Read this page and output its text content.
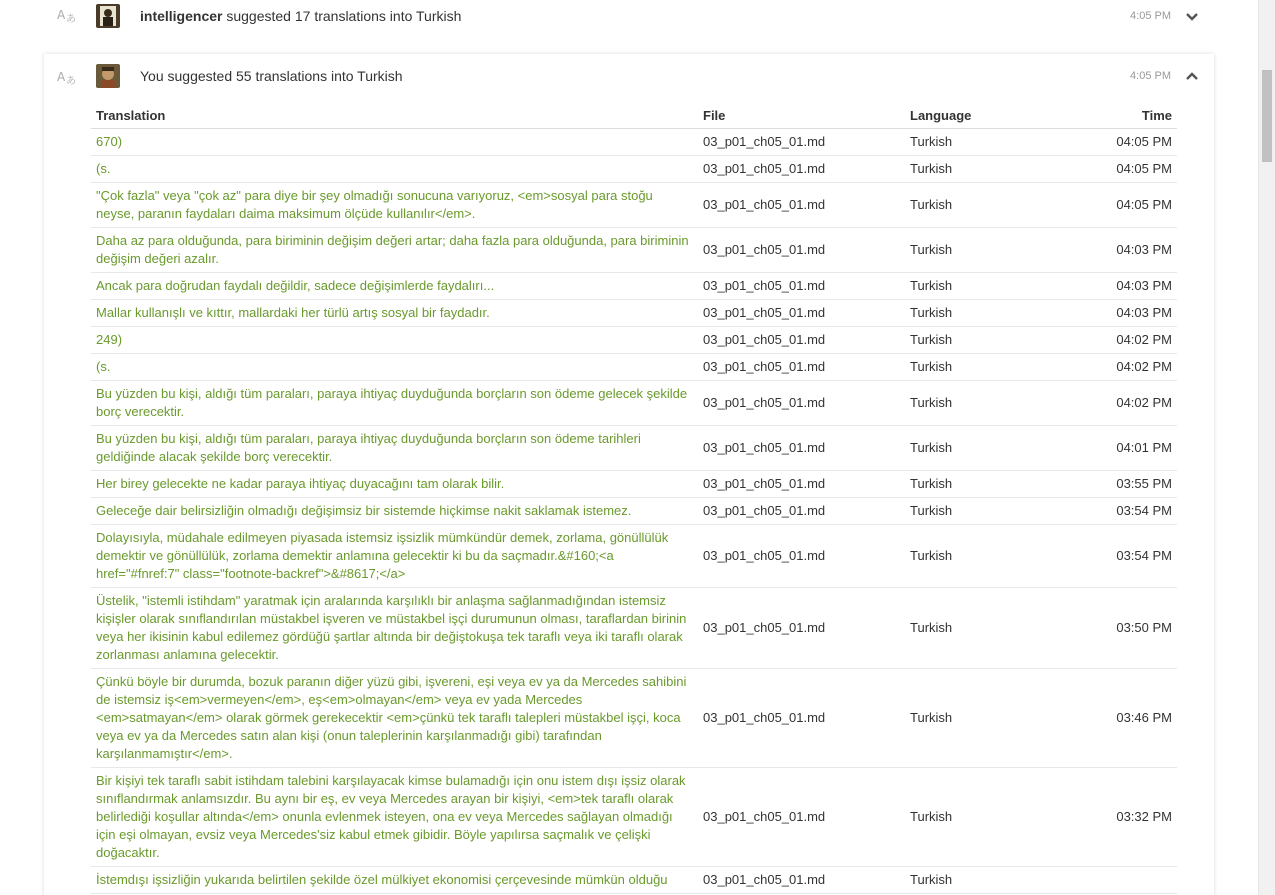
A あ	intelligencer suggested 17 translations into Turkish	4:05 PM
A あ	You suggested 55 translations into Turkish	4:05 PM
Translation	File	Language	Time
670)	03_p01_ch05_01.md	Turkish	04:05 PM
(s.	03_p01_ch05_01.md	Turkish	04:05 PM
"Çok fazla" veya "çok az" para diye bir şey olmadığı sonucuna varıyoruz, <em>sosyal para stoğu neyse, paranın faydaları daima maksimum ölçüde kullanılır</em>.	03_p01_ch05_01.md	Turkish	04:05 PM
Daha az para olduğunda, para biriminin değişim değeri artar; daha fazla para olduğunda, para biriminin değişim değeri azalır.	03_p01_ch05_01.md	Turkish	04:03 PM
Ancak para doğrudan faydalı değildir, sadece değişimlerde faydalırı...	03_p01_ch05_01.md	Turkish	04:03 PM
Mallar kullanışlı ve kıttır, mallardaki her türlü artış sosyal bir faydadır.	03_p01_ch05_01.md	Turkish	04:03 PM
249)	03_p01_ch05_01.md	Turkish	04:02 PM
(s.	03_p01_ch05_01.md	Turkish	04:02 PM
Bu yüzden bu kişi, aldığı tüm paraları, paraya ihtiyaç duyduğunda borçların son ödeme gelecek şekilde borç verecektir.	03_p01_ch05_01.md	Turkish	04:02 PM
Bu yüzden bu kişi, aldığı tüm paraları, paraya ihtiyaç duyduğunda borçların son ödeme tarihleri geldiğinde alacak şekilde borç verecektir.	03_p01_ch05_01.md	Turkish	04:01 PM
Her birey gelecekte ne kadar paraya ihtiyaç duyacağını tam olarak bilir.	03_p01_ch05_01.md	Turkish	03:55 PM
Geleceğe dair belirsizliğin olmadığı değişimsiz bir sistemde hiçkimse nakit saklamak istemez.	03_p01_ch05_01.md	Turkish	03:54 PM
Dolayısıyla, müdahale edilmeyen piyasada istemsiz işsizlik mümkündür demek, zorlama, gönüllülük demektir ve gönüllülük, zorlama demektir anlamına gelecektir ki bu da saçmadır.&#160;<a href="#fnref:7" class="footnote-backref">&#8617;</a>	03_p01_ch05_01.md	Turkish	03:54 PM
Üstelik, "istemli istihdam" yaratmak için aralarında karşılıklı bir anlaşma sağlanmadığından istemsiz kişişler olarak sınıflandırılan müstakbel işveren ve müstakbel işçi durumunun olması, taraflardan birinin veya her ikisinin kabul edilemez gördüğü şartlar altında bir değiştokuşa tek taraflı veya iki taraflı olarak zorlanması anlamına gelecektir.	03_p01_ch05_01.md	Turkish	03:50 PM
Çünkü böyle bir durumda, bozuk paranın diğer yüzü gibi, işvereni, eşi veya ev ya da Mercedes sahibini de istemsiz iş<em>vermeyen</em>, eş<em>olmayan</em> veya ev yada Mercedes <em>satmayan</em> olarak görmek gerekecektir <em>çünkü tek taraflı talepleri müstakbel işçi, koca veya ev ya da Mercedes satın alan kişi (onun taleplerinin karşılanmadığı gibi) tarafından karşılanmamıştır</em>.	03_p01_ch05_01.md	Turkish	03:46 PM
Bir kişiyi tek taraflı sabit istihdam talebini karşılayacak kimse bulamadığı için onu istem dışı işsiz olarak sınıflandırmak anlamsızdır. Bu aynı bir eş, ev veya Mercedes arayan bir kişiyi, <em>tek taraflı olarak belirlediği koşullar altında</em> onunla evlenmek isteyen, ona ev veya Mercedes sağlayan olmadığı için eşi olmayan, evsiz veya Mercedes'siz kabul etmek gibidir. Böyle yapılırsa saçmalık ve çelişki doğacaktır.	03_p01_ch05_01.md	Turkish	03:32 PM
İstemdışı işsizliğin yukarıda belirtilen şekilde özel mülkiyet ekonomisi çerçevesinde mümkün olduğu	03_p01_ch05_01.md	Turkish	
